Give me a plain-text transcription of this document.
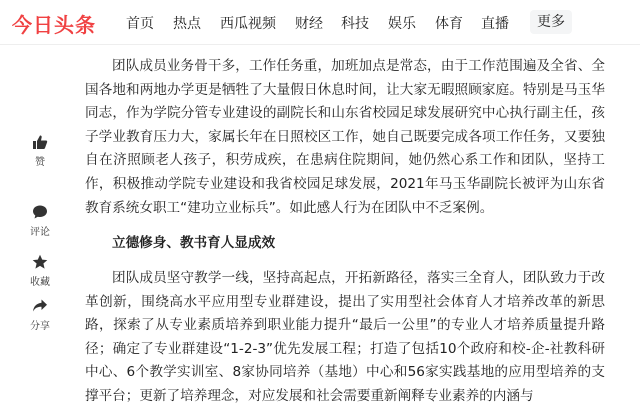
今日头条 首页 热点 西瓜视频 财经 科技 娱乐 体育 直播	更多
赞
评论
收藏
分享

团队成员业务骨干多，工作任务重，加班加点是常态，由于工作范围遍及全省、全国各地和两地办学更是牺牲了大量假日休息时间，让大家无暇照顾家庭。特别是马玉华同志，作为学院分管专业建设的副院长和山东省校园足球发展研究中心执行副主任，孩子学业教育压力大，家属长年在日照校区工作，她自己既要完成各项工作任务，又要独自在济照顾老人孩子，积劳成疾，在患病住院期间，她仍然心系工作和团队，坚持工作，积极推动学院专业建设和我省校园足球发展，2021年马玉华副院长被评为山东省教育系统女职工“建功立业标兵”。如此感人行为在团队中不乏案例。

立德修身、教书育人显成效

团队成员坚守教学一线，坚持高起点，开拓新路径，落实三全育人，团队致力于改革创新，围绕高水平应用型专业群建设，提出了实用型社会体育人才培养改革的新思路，探索了从专业素质培养到职业能力提升“最后一公里”的专业人才培养质量提升路径；确定了专业群建设“1-2-3”优先发展工程；打造了包括10个政府和校-企-社教科研中心、6个教学实训室、8家协同培养（基地）中心和56家实践基地的应用型培养的支撑平台；更新了培养理念，对应发展和社会需要重新阐释专业素养的内涵与
